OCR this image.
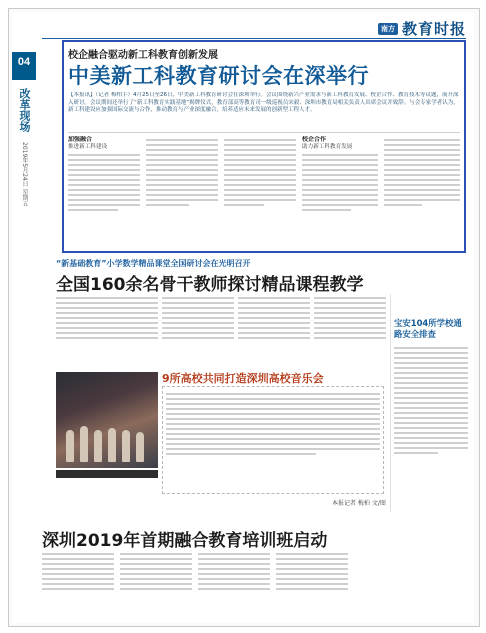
04
改革现场
2019年5月24日 星期五
南方 教育时报
校企融合驱动新工科教育创新发展
中美新工科教育研讨会在深举行
【本报讯】（记者 梅柏手）4月25日至26日，中美新工科教育研讨会在深圳举行。会议围绕新兴产业需求与新工科教育发展、校企合作、教育技术等议题，展开深入研讨。会议期间还举行了“新工科教育实践基地”揭牌仪式，教育部高等教育司一级巡视员宋毅、深圳市教育局相关负责人出席会议并致辞。与会专家学者认为，新工科建设应加强国际交流与合作，推动教育与产业深度融合，培养适应未来发展的创新型工程人才。
加强融合
推进新工科建设
校企合作
助力新工科教育发展
“新基础教育”小学数学精品课堂全国研讨会在光明召开
全国160余名骨干教师探讨精品课程教学
宝安104所学校通路安全排查
9所高校共同打造深圳高校音乐会
本报记者 梅柏 文/图
深圳2019年首期融合教育培训班启动
